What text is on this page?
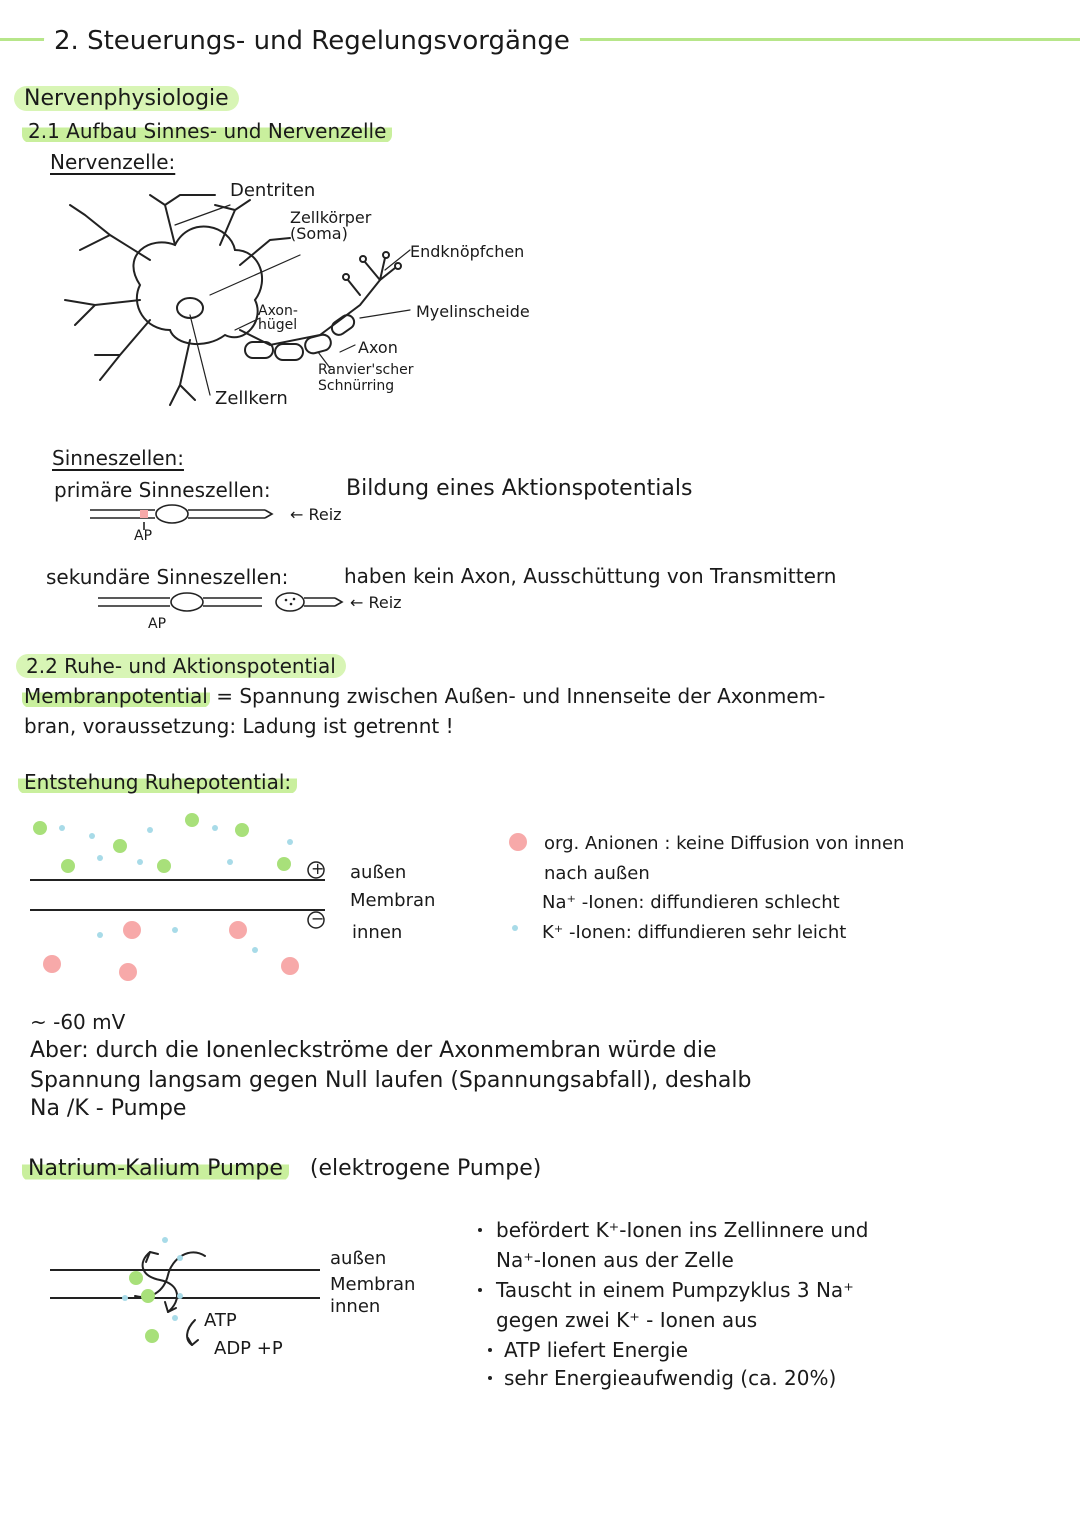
2. Steuerungs- und Regelungsvorgänge
Nervenphysiologie
2.1 Aufbau Sinnes- und Nervenzelle
Nervenzelle:
Dentriten
Zellkörper
(Soma)
Endknöpfchen
Axon-
hügel
Myelinscheide
Axon
Ranvier'scher
Schnürring
Zellkern
Sinneszellen:
primäre Sinneszellen:	Bildung eines Aktionspotentials
← Reiz
AP
sekundäre Sinneszellen:	haben kein Axon, Ausschüttung von Transmittern
← Reiz
AP
2.2 Ruhe- und Aktionspotential
Membranpotential = Spannung zwischen Außen- und Innenseite der Axonmem-
bran, voraussetzung: Ladung ist getrennt !
Entstehung Ruhepotential:
+
−
außen
Membran
innen
org. Anionen : keine Diffusion von innen
nach außen
Na⁺ -Ionen: diffundieren schlecht
K⁺ -Ionen: diffundieren sehr leicht
~ -60 mV
Aber: durch die Ionenleckströme der Axonmembran würde die
Spannung langsam gegen Null laufen (Spannungsabfall), deshalb
Na /K - Pumpe
Natrium-Kalium Pumpe (elektrogene Pumpe)
außen
Membran
innen
ATP
ADP +P
befördert K⁺-Ionen ins Zellinnere und
Na⁺-Ionen aus der Zelle
Tauscht in einem Pumpzyklus 3 Na⁺
gegen zwei K⁺ - Ionen aus
ATP liefert Energie
sehr Energieaufwendig (ca. 20%)
